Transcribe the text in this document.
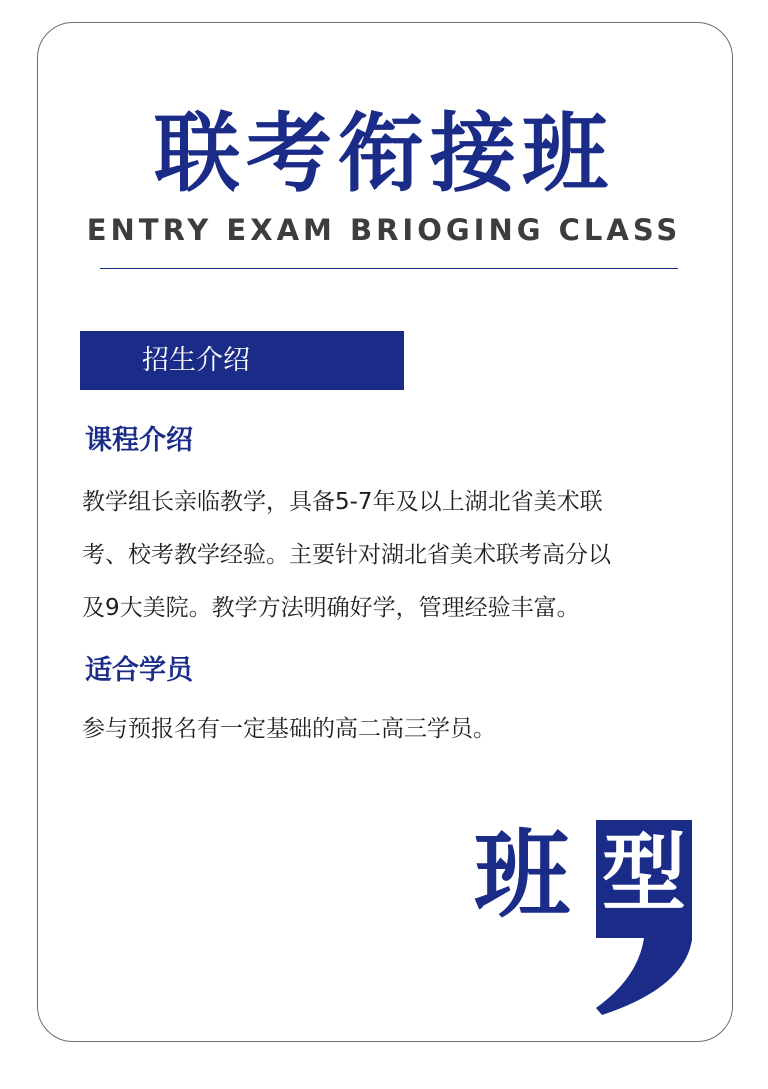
联考衔接班
ENTRY EXAM BRIOGING CLASS
招生介绍
课程介绍
教学组长亲临教学，具备5-7年及以上湖北省美术联
考、校考教学经验。主要针对湖北省美术联考高分以
及9大美院。教学方法明确好学，管理经验丰富。
适合学员
参与预报名有一定基础的高二高三学员。
班 型
